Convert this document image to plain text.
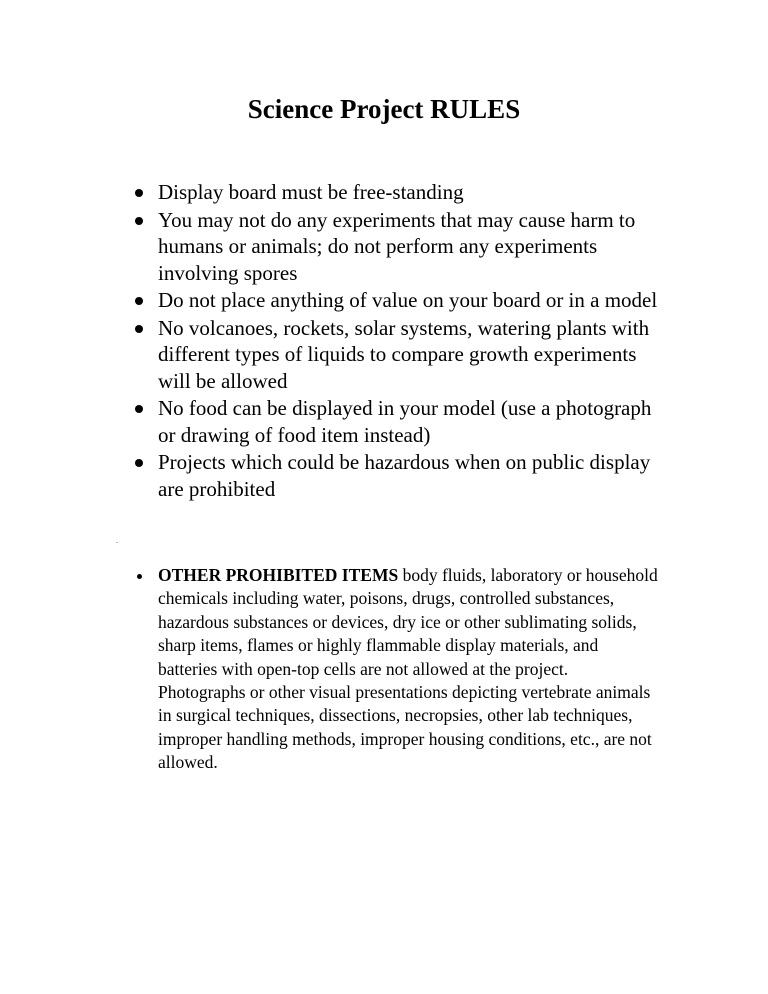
Science Project RULES
Display board must be free-standing
You may not do any experiments that may cause harm to humans or animals; do not perform any experiments involving spores
Do not place anything of value on your board or in a model
No volcanoes, rockets, solar systems, watering plants with different types of liquids to compare growth experiments will be allowed
No food can be displayed in your model (use a photograph or drawing of food item instead)
Projects which could be hazardous when on public display are prohibited
-

OTHER PROHIBITED ITEMS body fluids, laboratory or household chemicals including water, poisons, drugs, controlled substances, hazardous substances or devices, dry ice or other sublimating solids, sharp items, flames or highly flammable display materials, and batteries with open-top cells are not allowed at the project. Photographs or other visual presentations depicting vertebrate animals in surgical techniques, dissections, necropsies, other lab techniques, improper handling methods, improper housing conditions, etc., are not allowed.
